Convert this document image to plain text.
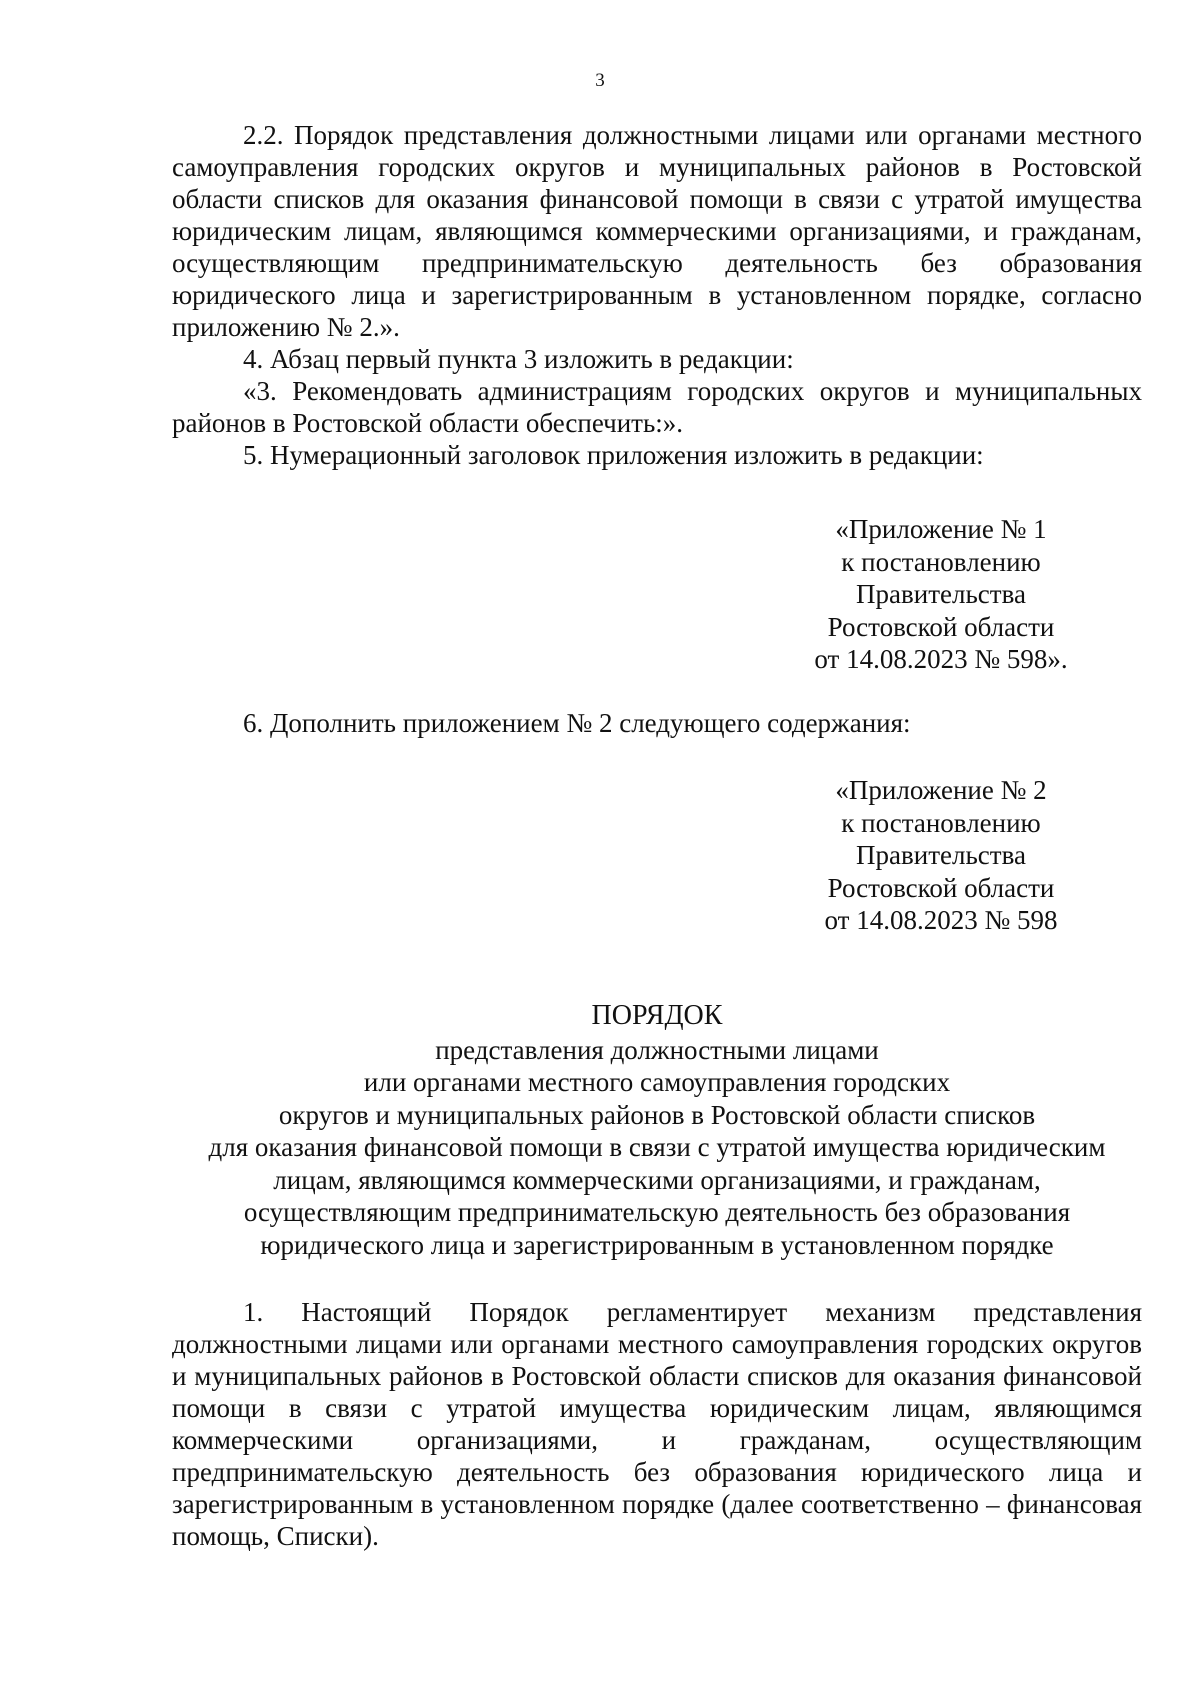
3

2.2. Порядок представления должностными лицами или органами местного самоуправления городских округов и муниципальных районов в Ростовской области списков для оказания финансовой помощи в связи с утратой имущества юридическим лицам, являющимся коммерческими организациями, и гражданам, осуществляющим предпринимательскую деятельность без образования юридического лица и зарегистрированным в установленном порядке, согласно приложению № 2.».

4. Абзац первый пункта 3 изложить в редакции:

«3. Рекомендовать администрациям городских округов и муниципальных районов в Ростовской области обеспечить:».

5. Нумерационный заголовок приложения изложить в редакции:

«Приложение № 1
к постановлению
Правительства
Ростовской области
от 14.08.2023 № 598».

6. Дополнить приложением № 2 следующего содержания:

«Приложение № 2
к постановлению
Правительства
Ростовской области
от 14.08.2023 № 598
ПОРЯДОК
представления должностными лицами
или органами местного самоуправления городских
округов и муниципальных районов в Ростовской области списков
для оказания финансовой помощи в связи с утратой имущества юридическим
лицам, являющимся коммерческими организациями, и гражданам,
осуществляющим предпринимательскую деятельность без образования
юридического лица и зарегистрированным в установленном порядке

1. Настоящий Порядок регламентирует механизм представления должностными лицами или органами местного самоуправления городских округов и муниципальных районов в Ростовской области списков для оказания финансовой помощи в связи с утратой имущества юридическим лицам, являющимся коммерческими организациями, и гражданам, осуществляющим предпринимательскую деятельность без образования юридического лица и зарегистрированным в установленном порядке (далее соответственно – финансовая помощь, Списки).
